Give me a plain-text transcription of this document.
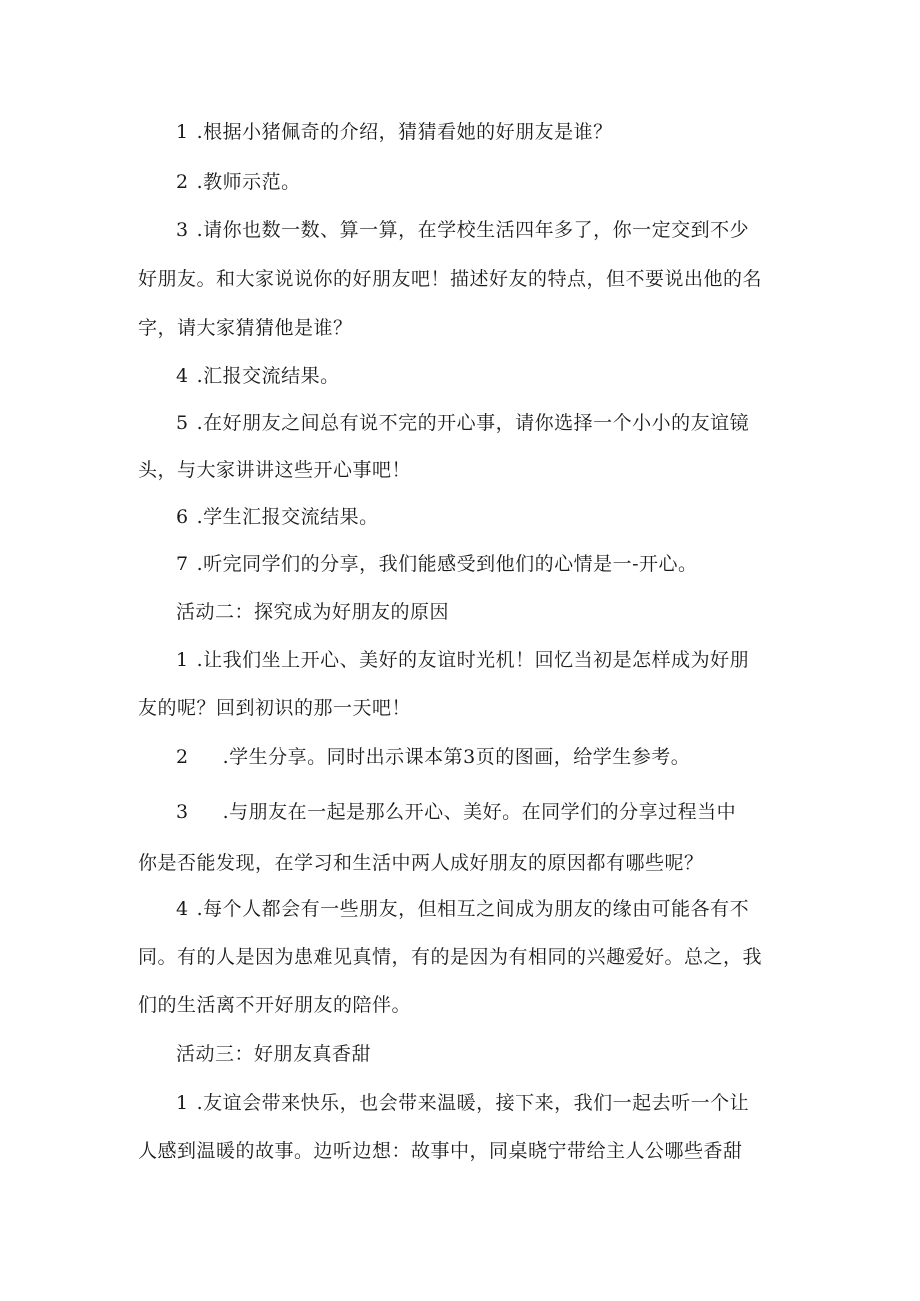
1 .根据小猪佩奇的介绍，猜猜看她的好朋友是谁？
2 .教师示范。
3 .请你也数一数、算一算，在学校生活四年多了，你一定交到不少
好朋友。和大家说说你的好朋友吧！描述好友的特点，但不要说出他的名
字，请大家猜猜他是谁？
4 .汇报交流结果。
5 .在好朋友之间总有说不完的开心事，请你选择一个小小的友谊镜
头，与大家讲讲这些开心事吧！
6 .学生汇报交流结果。
7 .听完同学们的分享，我们能感受到他们的心情是一-开心。
活动二：探究成为好朋友的原因
1 .让我们坐上开心、美好的友谊时光机！回忆当初是怎样成为好朋
友的呢？回到初识的那一天吧！
2 .学生分享。同时出示课本第3页的图画，给学生参考。
3 .与朋友在一起是那么开心、美好。在同学们的分享过程当中
你是否能发现，在学习和生活中两人成好朋友的原因都有哪些呢？
4 .每个人都会有一些朋友，但相互之间成为朋友的缘由可能各有不
同。有的人是因为患难见真情，有的是因为有相同的兴趣爱好。总之，我
们的生活离不开好朋友的陪伴。
活动三：好朋友真香甜
1 .友谊会带来快乐，也会带来温暖，接下来，我们一起去听一个让
人感到温暖的故事。边听边想：故事中，同桌晓宁带给主人公哪些香甜
